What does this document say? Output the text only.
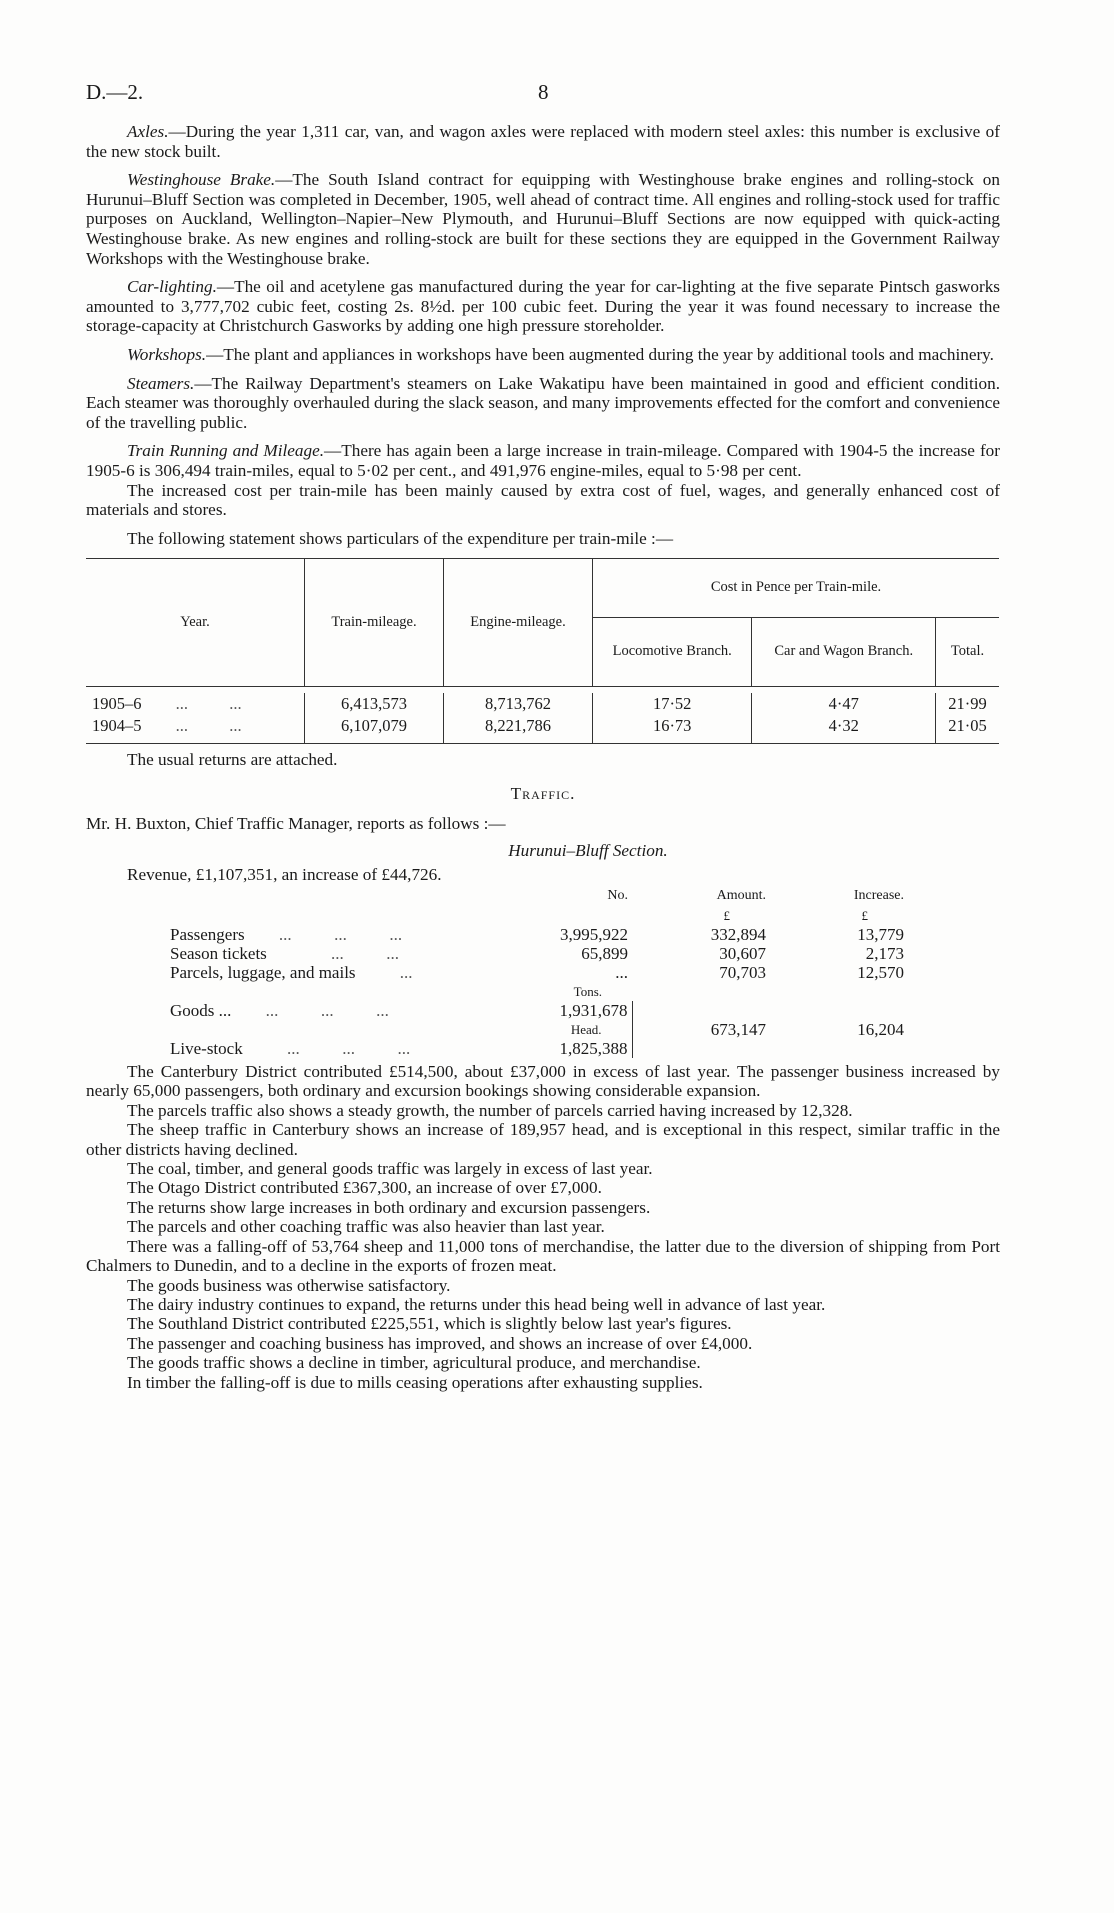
D.—2.	8

Axles.—During the year 1,311 car, van, and wagon axles were replaced with modern steel axles: this number is exclusive of the new stock built.

Westinghouse Brake.—The South Island contract for equipping with Westinghouse brake engines and rolling-stock on Hurunui–Bluff Section was completed in December, 1905, well ahead of contract time. All engines and rolling-stock used for traffic purposes on Auckland, Wellington–Napier–New Plymouth, and Hurunui–Bluff Sections are now equipped with quick-acting Westinghouse brake. As new engines and rolling-stock are built for these sections they are equipped in the Government Railway Workshops with the Westinghouse brake.

Car-lighting.—The oil and acetylene gas manufactured during the year for car-lighting at the five separate Pintsch gasworks amounted to 3,777,702 cubic feet, costing 2s. 8½d. per 100 cubic feet. During the year it was found necessary to increase the storage-capacity at Christchurch Gasworks by adding one high pressure storeholder.

Workshops.—The plant and appliances in workshops have been augmented during the year by additional tools and machinery.

Steamers.—The Railway Department's steamers on Lake Wakatipu have been maintained in good and efficient condition. Each steamer was thoroughly overhauled during the slack season, and many improvements effected for the comfort and convenience of the travelling public.

Train Running and Mileage.—There has again been a large increase in train-mileage. Compared with 1904-5 the increase for 1905-6 is 306,494 train-miles, equal to 5·02 per cent., and 491,976 engine-miles, equal to 5·98 per cent.

The increased cost per train-mile has been mainly caused by extra cost of fuel, wages, and generally enhanced cost of materials and stores.

The following statement shows particulars of the expenditure per train-mile :—

Year.	Train-mileage.	Engine-mileage.	Cost in Pence per Train-mile.		
			Locomotive Branch.	Car and Wagon Branch.	Total.

1905–6 ...          ...	6,413,573	8,713,762	17·52	4·47	21·99
1904–5 ...          ...	6,107,079	8,221,786	16·73	4·32	21·05

The usual returns are attached.

Traffic.

Mr. H. Buxton, Chief Traffic Manager, reports as follows :—

Hurunui–Bluff Section.

Revenue, £1,107,351, an increase of £44,726.

	No.	Amount.	Increase.
		£	£
Passengers ...          ...          ...	3,995,922	332,894	13,779
Season tickets ...          ...	65,899	30,607	2,173
Parcels, luggage, and mails ...	...	70,703	12,570
	Tons.		
Goods ... ...          ...          ...	1,931,678	673,147	16,204
	Head.		
Live-stock ...          ...          ...	1,825,388		

The Canterbury District contributed £514,500, about £37,000 in excess of last year. The passenger business increased by nearly 65,000 passengers, both ordinary and excursion bookings showing considerable expansion.

The parcels traffic also shows a steady growth, the number of parcels carried having increased by 12,328.

The sheep traffic in Canterbury shows an increase of 189,957 head, and is exceptional in this respect, similar traffic in the other districts having declined.

The coal, timber, and general goods traffic was largely in excess of last year.

The Otago District contributed £367,300, an increase of over £7,000.

The returns show large increases in both ordinary and excursion passengers.

The parcels and other coaching traffic was also heavier than last year.

There was a falling-off of 53,764 sheep and 11,000 tons of merchandise, the latter due to the diversion of shipping from Port Chalmers to Dunedin, and to a decline in the exports of frozen meat.

The goods business was otherwise satisfactory.

The dairy industry continues to expand, the returns under this head being well in advance of last year.

The Southland District contributed £225,551, which is slightly below last year's figures.

The passenger and coaching business has improved, and shows an increase of over £4,000.

The goods traffic shows a decline in timber, agricultural produce, and merchandise.

In timber the falling-off is due to mills ceasing operations after exhausting supplies.
